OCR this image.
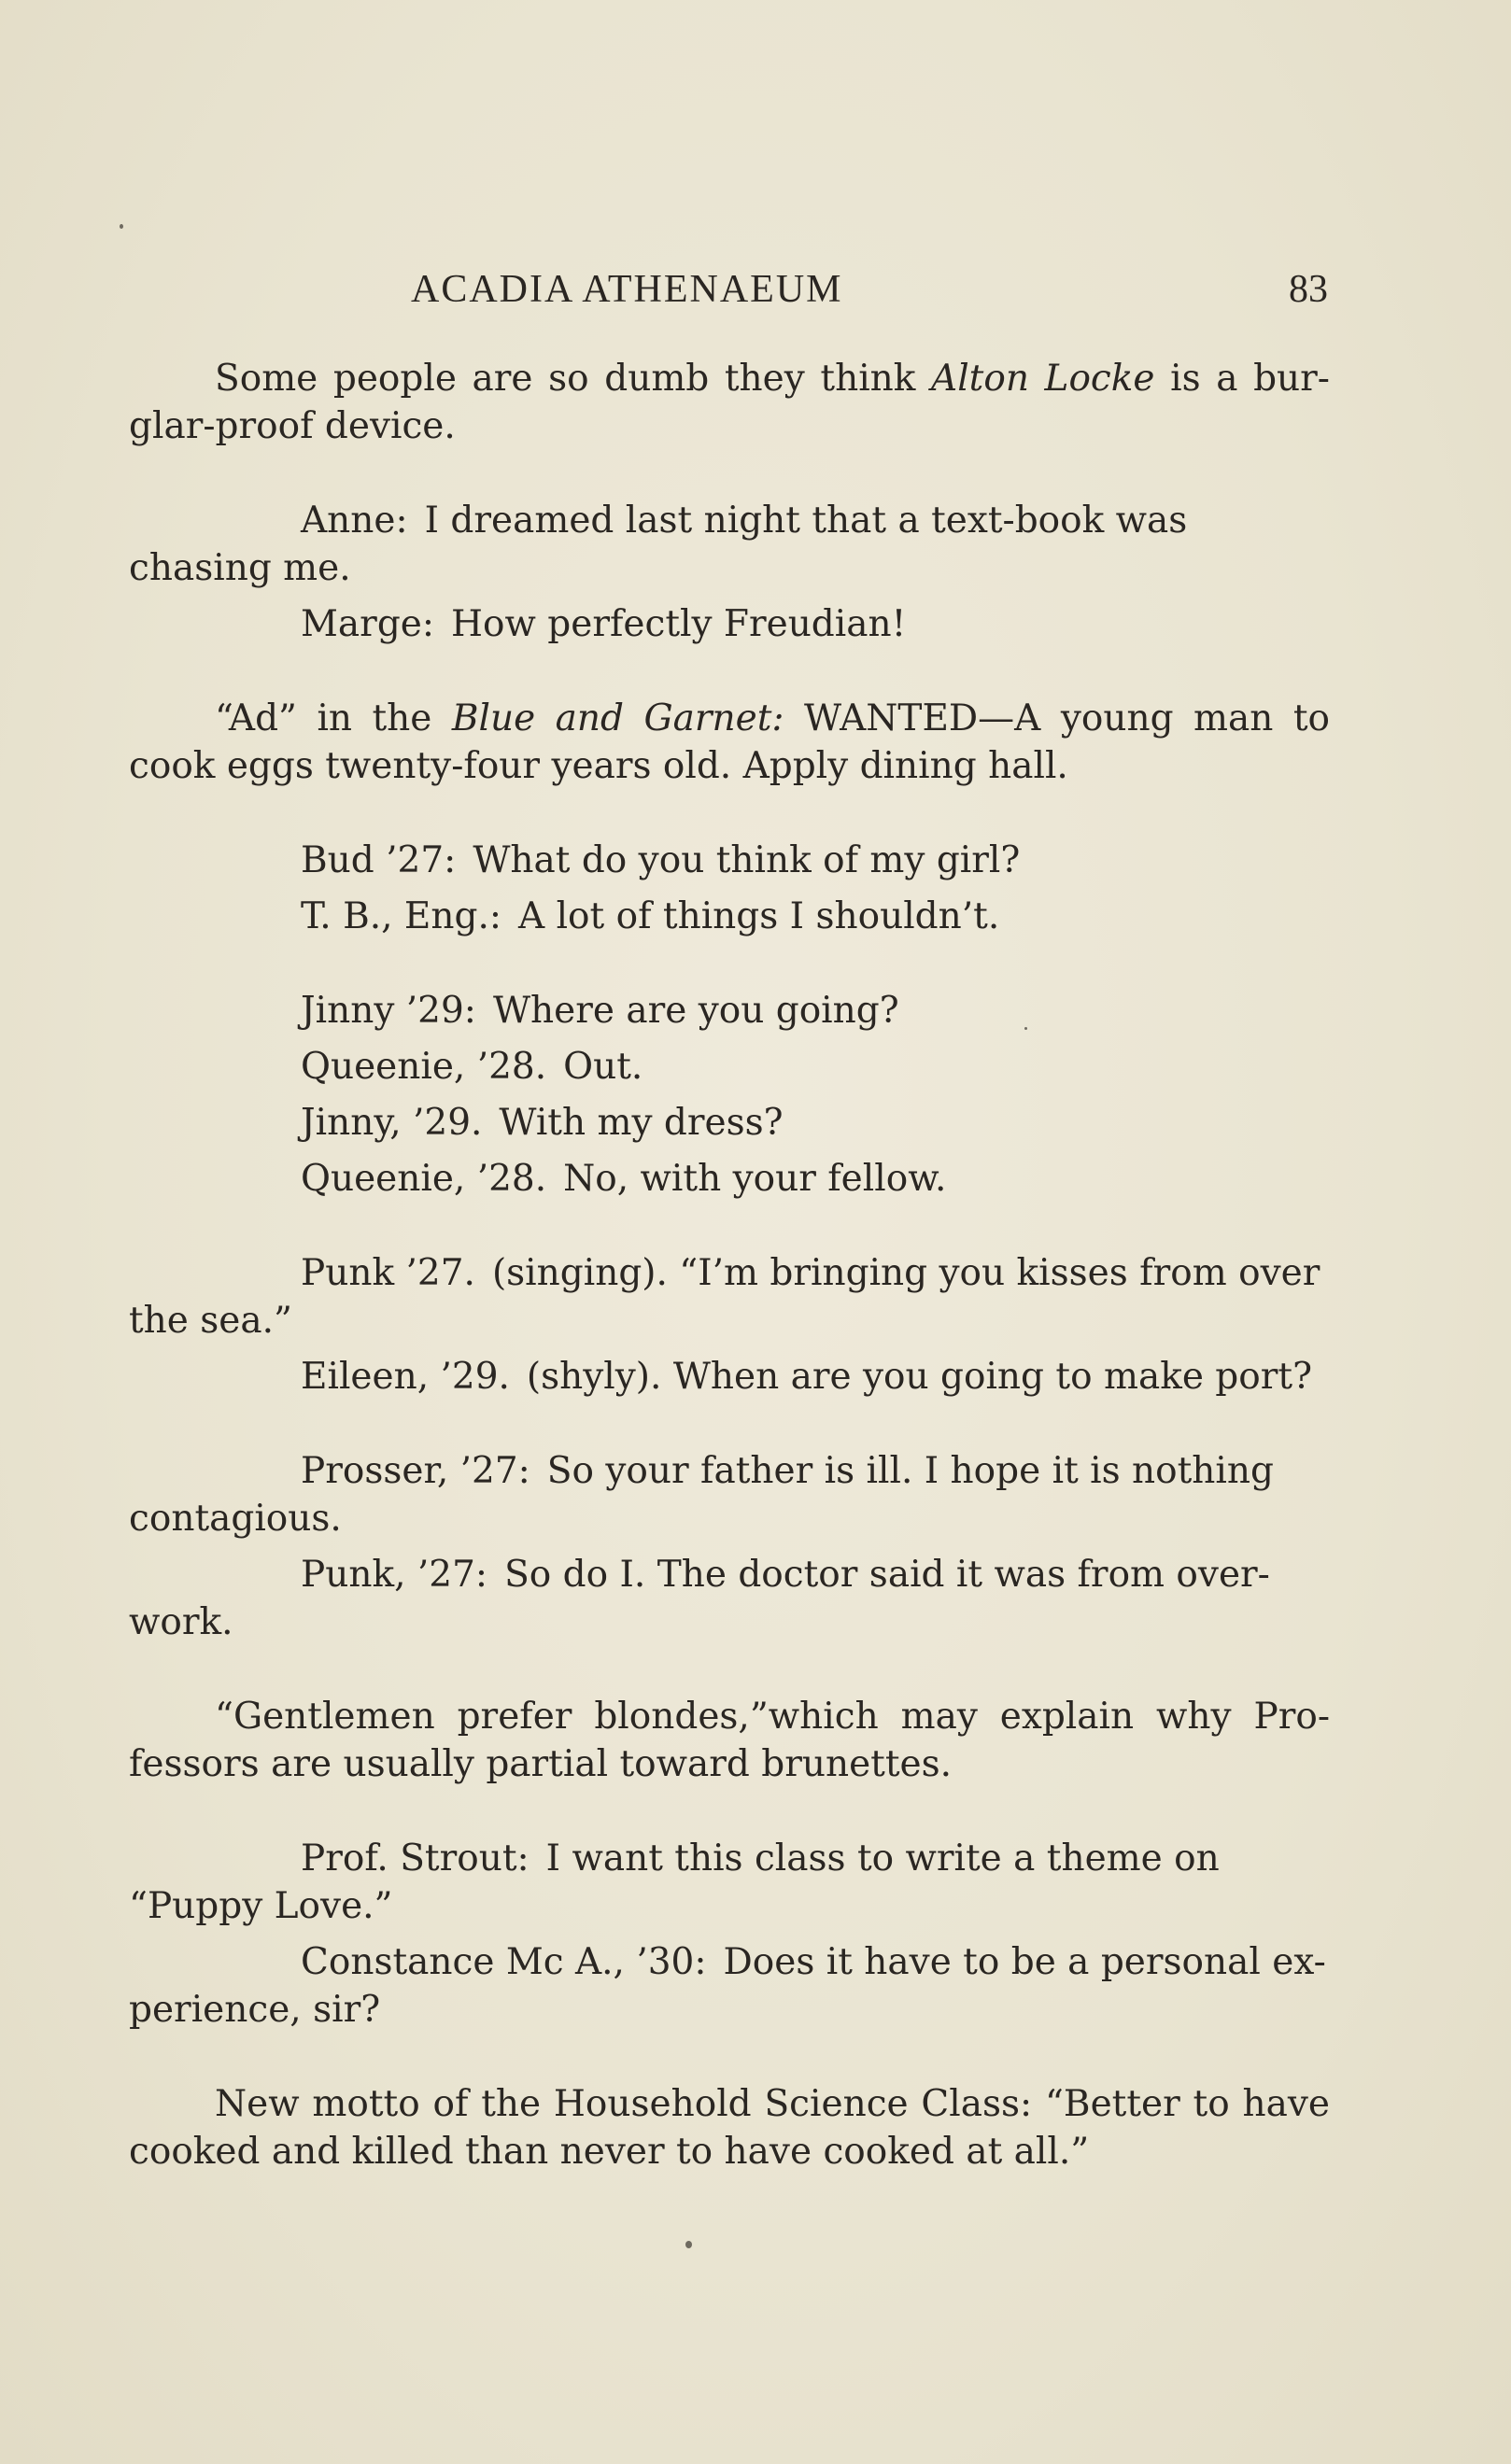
ACADIA ATHENAEUM	83

Some people are so dumb they think Alton Locke is a bur-glar-proof device.

Anne: I dreamed last night that a text-book was chasing me.

Marge: How perfectly Freudian!

“Ad” in the Blue and Garnet: WANTED—A young man to cook eggs twenty-four years old. Apply dining hall.

Bud ’27: What do you think of my girl?

T. B., Eng.: A lot of things I shouldn’t.

Jinny ’29: Where are you going?

Queenie, ’28. Out.

Jinny, ’29. With my dress?

Queenie, ’28. No, with your fellow.

Punk ’27. (singing). “I’m bringing you kisses from over the sea.”

Eileen, ’29. (shyly). When are you going to make port?

Prosser, ’27: So your father is ill. I hope it is nothing contagious.

Punk, ’27: So do I. The doctor said it was from over-work.

“Gentlemen prefer blondes,”which may explain why Pro-fessors are usually partial toward brunettes.

Prof. Strout: I want this class to write a theme on “Puppy Love.”

Constance Mc A., ’30: Does it have to be a personal ex-perience, sir?

New motto of the Household Science Class: “Better to have cooked and killed than never to have cooked at all.”
